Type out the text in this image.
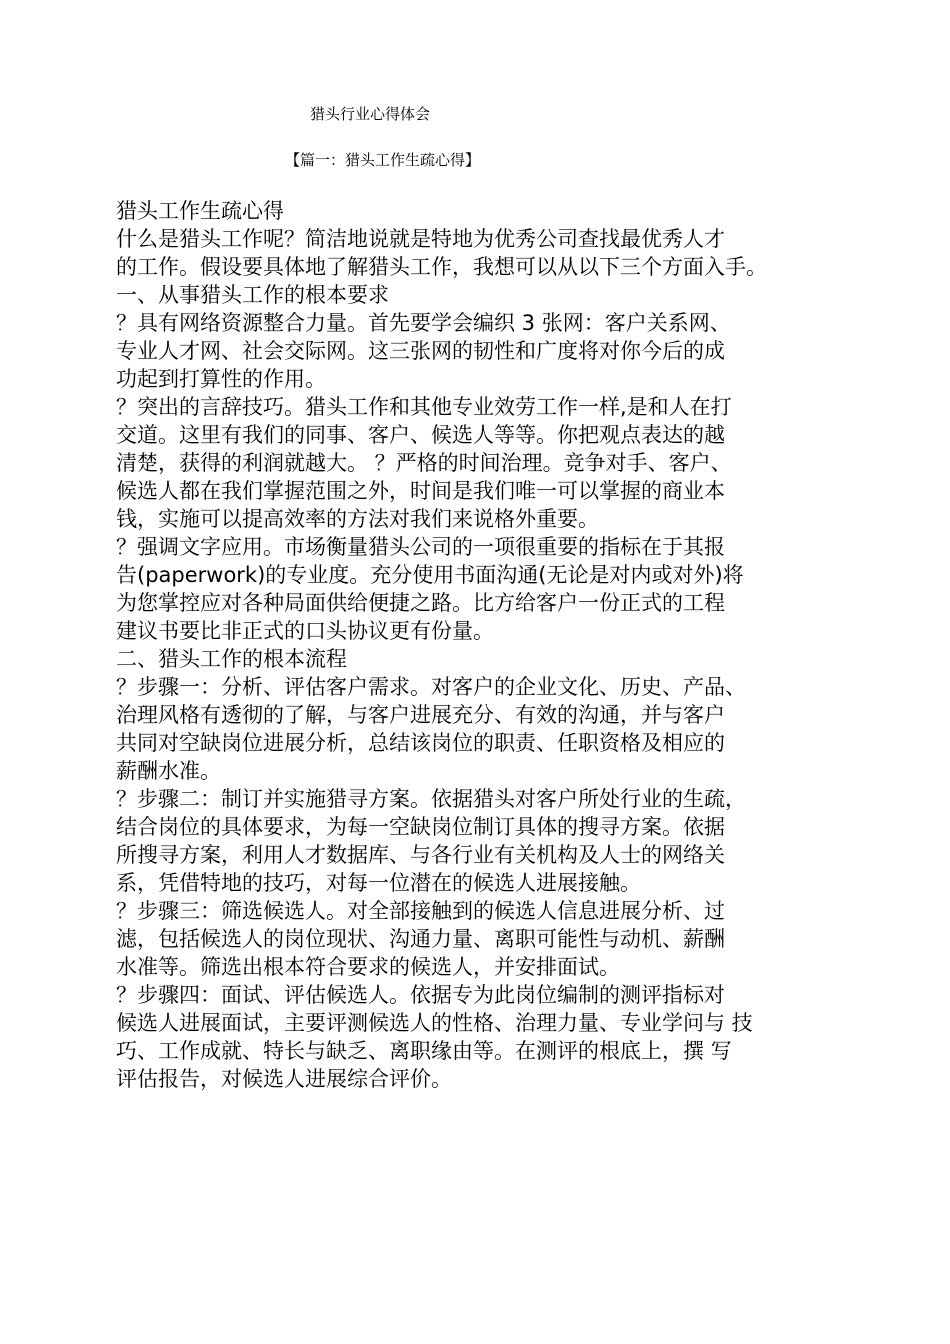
猎头行业心得体会
【篇一：猎头工作生疏心得】
猎头工作生疏心得
什么是猎头工作呢？简洁地说就是特地为优秀公司查找最优秀人才
的工作。假设要具体地了解猎头工作，我想可以从以下三个方面入手。
一、从事猎头工作的根本要求
？具有网络资源整合力量。首先要学会编织 3 张网：客户关系网、
专业人才网、社会交际网。这三张网的韧性和广度将对你今后的成
功起到打算性的作用。
？突出的言辞技巧。猎头工作和其他专业效劳工作一样,是和人在打
交道。这里有我们的同事、客户、候选人等等。你把观点表达的越
清楚，获得的利润就越大。 ？严格的时间治理。竞争对手、客户、
候选人都在我们掌握范围之外，时间是我们唯一可以掌握的商业本
钱，实施可以提高效率的方法对我们来说格外重要。
？强调文字应用。市场衡量猎头公司的一项很重要的指标在于其报
告(paperwork)的专业度。充分使用书面沟通(无论是对内或对外)将
为您掌控应对各种局面供给便捷之路。比方给客户一份正式的工程
建议书要比非正式的口头协议更有份量。
二、猎头工作的根本流程
？步骤一：分析、评估客户需求。对客户的企业文化、历史、产品、
治理风格有透彻的了解，与客户进展充分、有效的沟通，并与客户
共同对空缺岗位进展分析，总结该岗位的职责、任职资格及相应的
薪酬水准。
？步骤二：制订并实施猎寻方案。依据猎头对客户所处行业的生疏，
结合岗位的具体要求，为每一空缺岗位制订具体的搜寻方案。依据
所搜寻方案，利用人才数据库、与各行业有关机构及人士的网络关
系，凭借特地的技巧，对每一位潜在的候选人进展接触。
？步骤三：筛选候选人。对全部接触到的候选人信息进展分析、过
滤，包括候选人的岗位现状、沟通力量、离职可能性与动机、薪酬
水准等。筛选出根本符合要求的候选人，并安排面试。
？步骤四：面试、评估候选人。依据专为此岗位编制的测评指标对
候选人进展面试，主要评测候选人的性格、治理力量、专业学问与 技
巧、工作成就、特长与缺乏、离职缘由等。在测评的根底上，撰 写
评估报告，对候选人进展综合评价。
